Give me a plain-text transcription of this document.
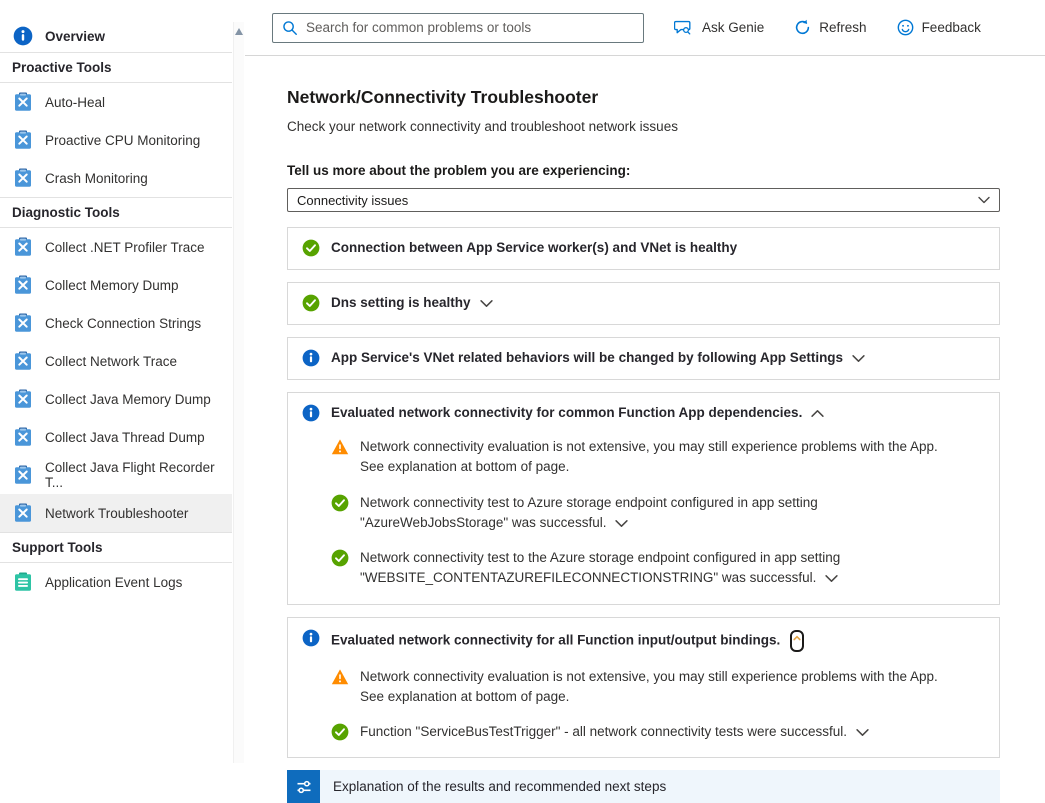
Overview
Proactive Tools
Auto-Heal
Proactive CPU Monitoring
Crash Monitoring
Diagnostic Tools
Collect .NET Profiler Trace
Collect Memory Dump
Check Connection Strings
Collect Network Trace
Collect Java Memory Dump
Collect Java Thread Dump
Collect Java Flight Recorder T...
Network Troubleshooter
Support Tools
Application Event Logs
Search for common problems or tools
Ask Genie	Refresh	Feedback
Network/Connectivity Troubleshooter
Check your network connectivity and troubleshoot network issues
Tell us more about the problem you are experiencing:
Connectivity issues
Connection between App Service worker(s) and VNet is healthy
Dns setting is healthy
App Service's VNet related behaviors will be changed by following App Settings
Evaluated network connectivity for common Function App dependencies.
Network connectivity evaluation is not extensive, you may still experience problems with the App. See explanation at bottom of page.
Network connectivity test to Azure storage endpoint configured in app setting "AzureWebJobsStorage" was successful.
Network connectivity test to the Azure storage endpoint configured in app setting "WEBSITE_CONTENTAZUREFILECONNECTIONSTRING" was successful.
Evaluated network connectivity for all Function input/output bindings.
Network connectivity evaluation is not extensive, you may still experience problems with the App. See explanation at bottom of page.
Function "ServiceBusTestTrigger" - all network connectivity tests were successful.
Explanation of the results and recommended next steps
